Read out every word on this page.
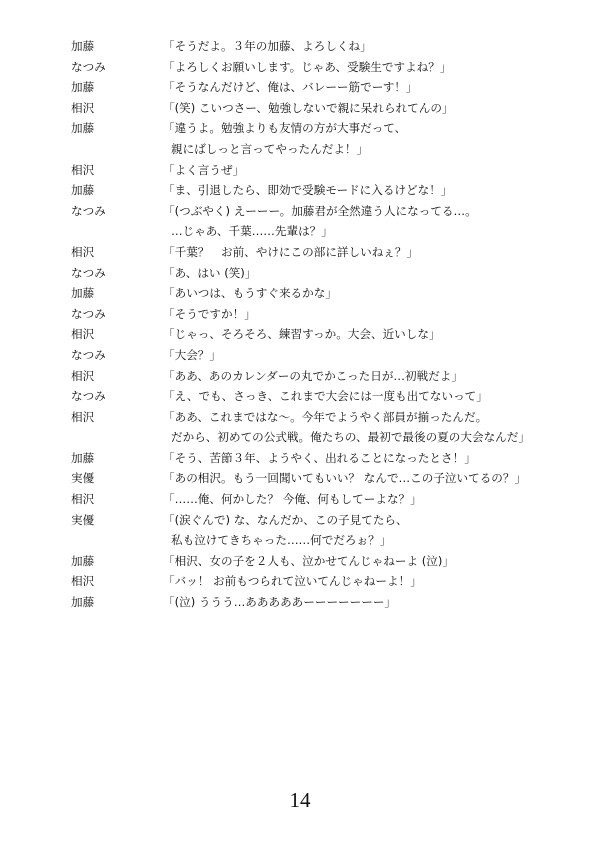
加藤	「そうだよ。３年の加藤、よろしくね」
なつみ	「よろしくお願いします。じゃあ、受験生ですよね？」
加藤	「そうなんだけど、俺は、バレーー筋でーす！」
相沢	「(笑) こいつさー、勉強しないで親に呆れられてんの」
加藤	「違うよ。勉強よりも友情の方が大事だって、
親にばしっと言ってやったんだよ！」
相沢	「よく言うぜ」
加藤	「ま、引退したら、即効で受験モードに入るけどな！」
なつみ	「(つぶやく) えーーー。加藤君が全然違う人になってる…。
…じゃあ、千葉……先輩は？」
相沢	「千葉？　お前、やけにこの部に詳しいねぇ？」
なつみ	「あ、はい (笑)」
加藤	「あいつは、もうすぐ来るかな」
なつみ	「そうですか！」
相沢	「じゃっ、そろそろ、練習すっか。大会、近いしな」
なつみ	「大会？」
相沢	「ああ、あのカレンダーの丸でかこった日が…初戦だよ」
なつみ	「え、でも、さっき、これまで大会には一度も出てないって」
相沢	「ああ、これまではな～。今年でようやく部員が揃ったんだ。
だから、初めての公式戦。俺たちの、最初で最後の夏の大会なんだ」
加藤	「そう、苦節３年、ようやく、出れることになったとさ！」
実優	「あの相沢。もう一回聞いてもいい？ なんで…この子泣いてるの？」
相沢	「……俺、何かした？ 今俺、何もしてーよな？」
実優	「(涙ぐんで) な、なんだか、この子見てたら、
私も泣けてきちゃった……何でだろぉ？」
加藤	「相沢、女の子を２人も、泣かせてんじゃねーよ (泣)」
相沢	「バッ！ お前もつられて泣いてんじゃねーよ！」
加藤	「(泣) ううう…あああああーーーーーーー」
14
